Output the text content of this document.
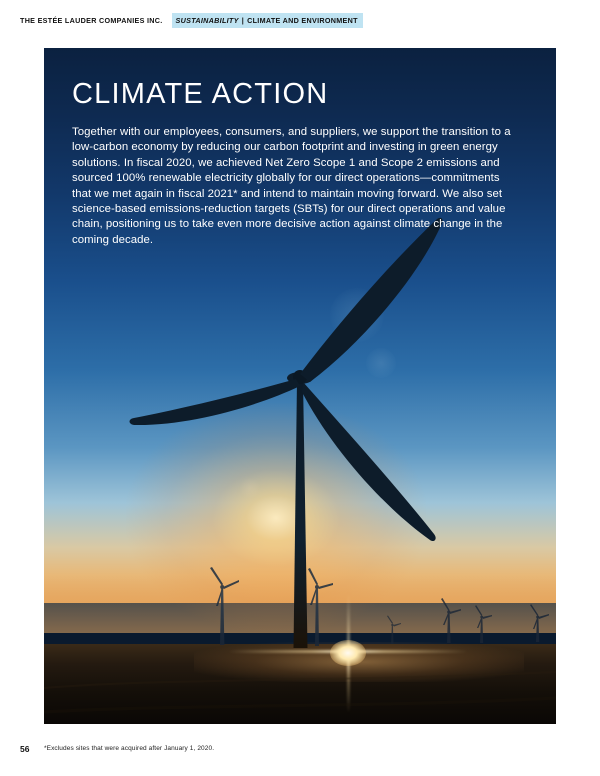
THE ESTÉE LAUDER COMPANIES INC. SUSTAINABILITY | CLIMATE AND ENVIRONMENT
CLIMATE ACTION

Together with our employees, consumers, and suppliers, we support the transition to a low-carbon economy by reducing our carbon footprint and investing in green energy solutions. In fiscal 2020, we achieved Net Zero Scope 1 and Scope 2 emissions and sourced 100% renewable electricity globally for our direct operations—commitments that we met again in fiscal 2021* and intend to maintain moving forward. We also set science-based emissions-reduction targets (SBTs) for our direct operations and value chain, positioning us to take even more decisive action against climate change in the coming decade.

56 *Excludes sites that were acquired after January 1, 2020.
